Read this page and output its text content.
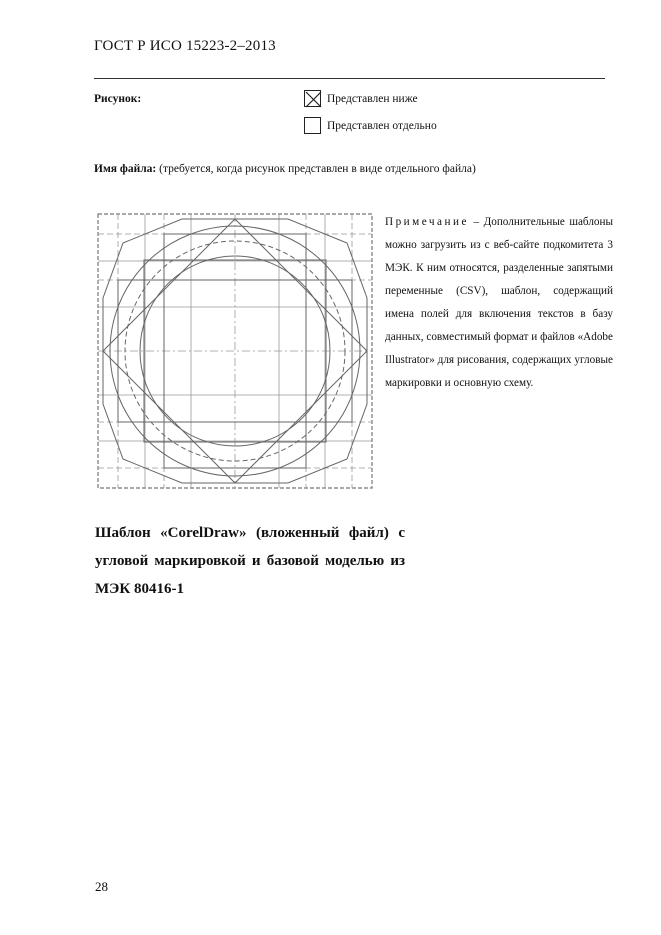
ГОСТ Р ИСО 15223-2–2013
Рисунок:	Представлен ниже
Представлен отдельно
Имя файла: (требуется, когда рисунок представлен в виде отдельного файла)
Примечание – Дополнительные шаблоны можно загрузить из с веб-сайте подкомитета 3 МЭК. К ним относятся, разделенные запятыми переменные (CSV), шаблон, содержащий имена полей для включения текстов в базу данных, совместимый формат и файлов «Adobe Illustrator» для рисования, содержащих угловые маркировки и основную схему.
Шаблон «CorelDraw» (вложенный файл) с угловой маркировкой и базовой моделью из МЭК 80416-1
28
